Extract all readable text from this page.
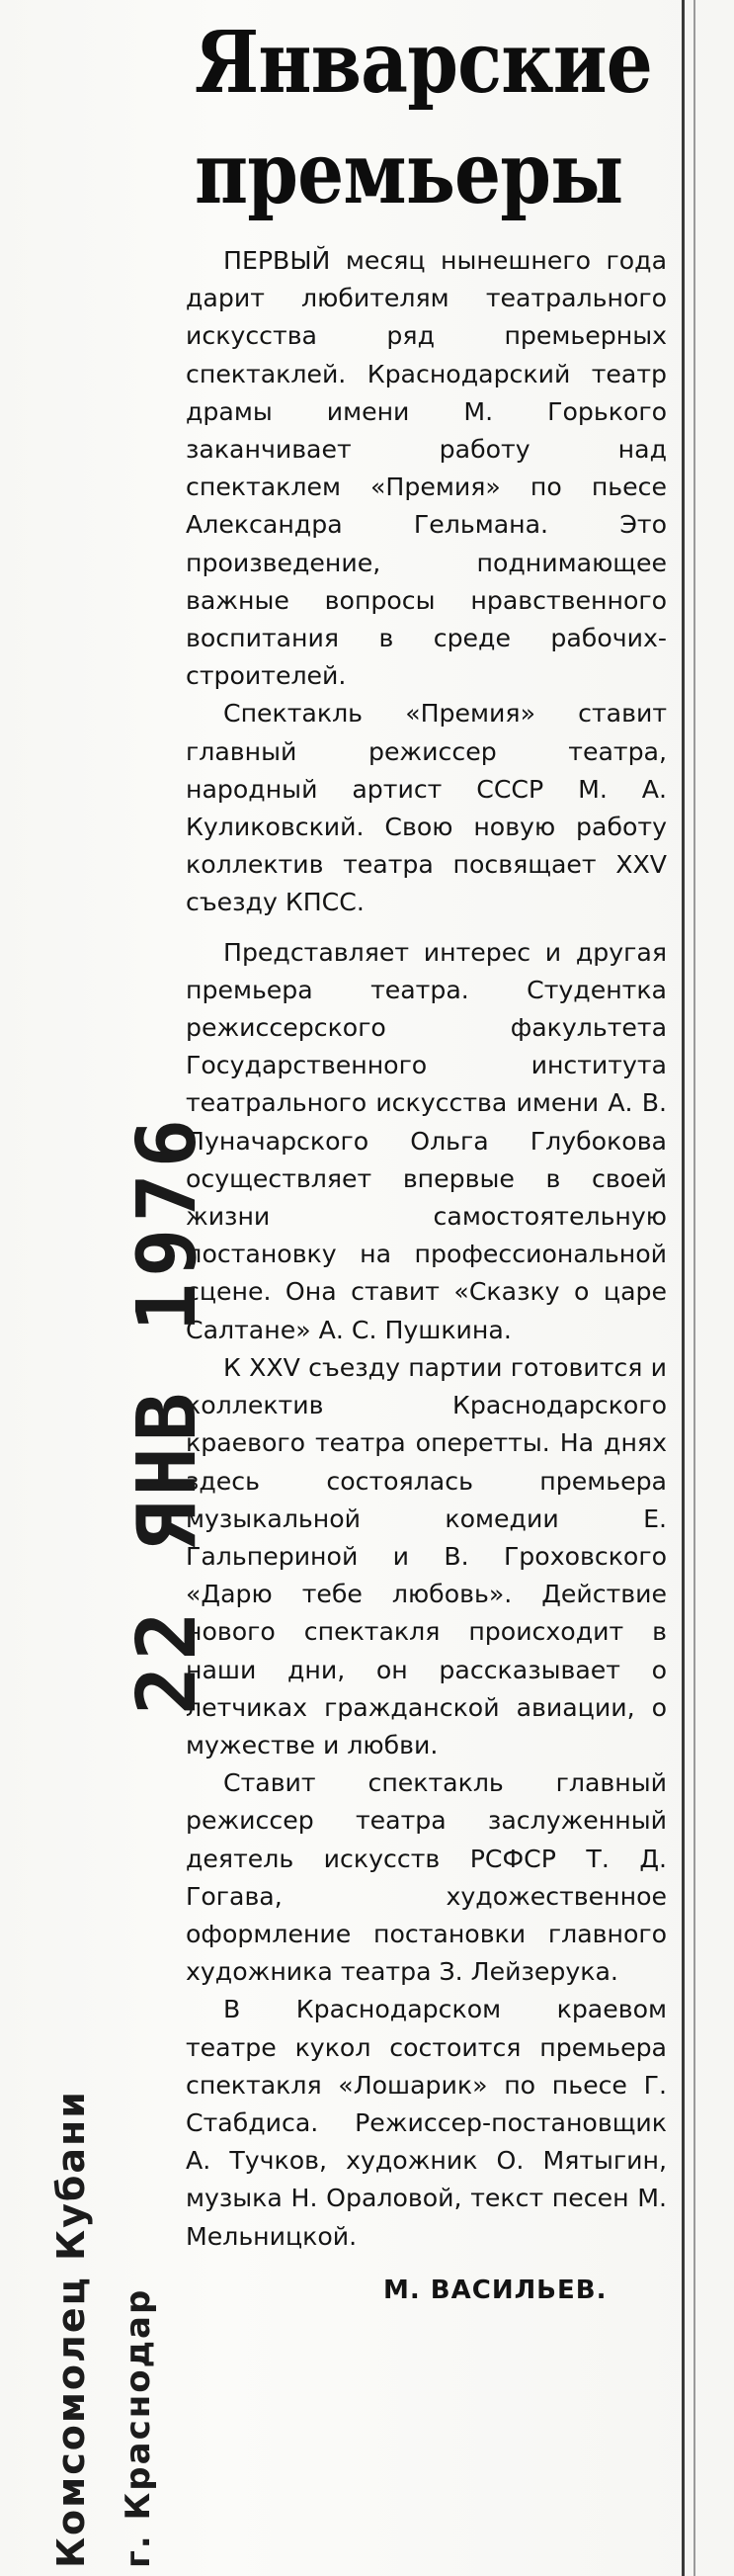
Январские
премьеры

ПЕРВЫЙ месяц нынешнего года дарит любителям театрального искусства ряд премьерных спектаклей. Краснодарский театр драмы имени М. Горького заканчивает работу над спектаклем «Премия» по пьесе Александра Гельмана. Это произведение, поднимающее важные вопросы нравственного воспитания в среде рабочих-строителей.

Спектакль «Премия» ставит главный режиссер театра, народный артист СССР М. А. Куликовский. Свою новую работу коллектив театра посвящает XXV съезду КПСС.

Представляет интерес и другая премьера театра. Студентка режиссерского факультета Государственного института театрального искусства имени А. В. Луначарского Ольга Глубокова осуществляет впервые в своей жизни самостоятельную постановку на профессиональной сцене. Она ставит «Сказку о царе Салтане» А. С. Пушкина.

К XXV съезду партии готовится и коллектив Краснодарского краевого театра оперетты. На днях здесь состоялась премьера музыкальной комедии Е. Гальпериной и В. Гроховского «Дарю тебе любовь». Действие нового спектакля происходит в наши дни, он рассказывает о летчиках гражданской авиации, о мужестве и любви.

Ставит спектакль главный режиссер театра заслуженный деятель искусств РСФСР Т. Д. Гогава, художественное оформление постановки главного художника театра З. Лейзерука.

В Краснодарском краевом театре кукол состоится премьера спектакля «Лошарик» по пьесе Г. Стабдиса. Режиссер-постановщик А. Тучков, художник О. Мятыгин, музыка Н. Ораловой, текст песен М. Мельницкой.

М. ВАСИЛЬЕВ.
22 ЯНВ 1976
Комсомолец Кубани г. Краснодар
